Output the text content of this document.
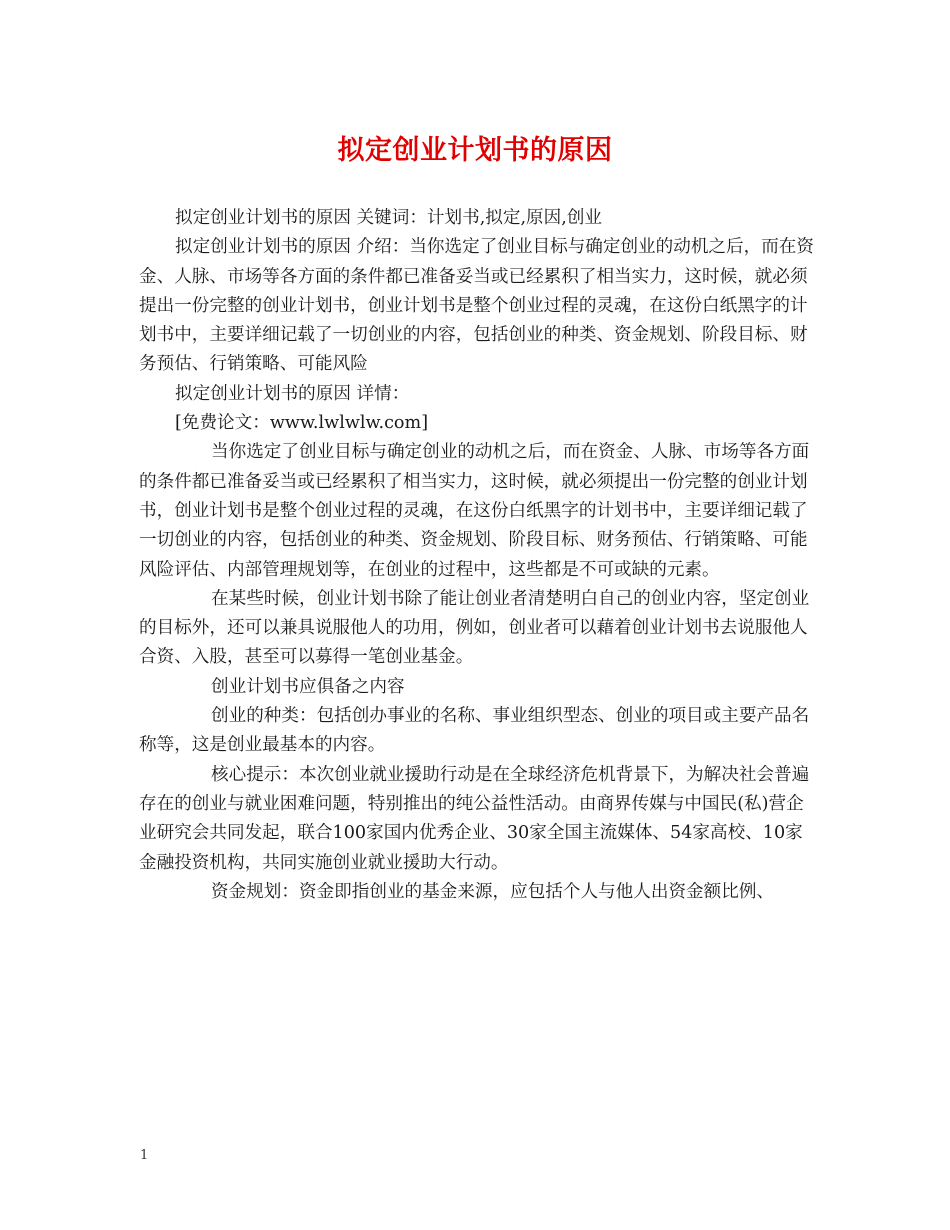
拟定创业计划书的原因

拟定创业计划书的原因 关键词：计划书,拟定,原因,创业

拟定创业计划书的原因 介绍：当你选定了创业目标与确定创业的动机之后，而在资金、人脉、市场等各方面的条件都已准备妥当或已经累积了相当实力，这时候，就必须提出一份完整的创业计划书，创业计划书是整个创业过程的灵魂，在这份白纸黑字的计划书中，主要详细记载了一切创业的内容，包括创业的种类、资金规划、阶段目标、财务预估、行销策略、可能风险

拟定创业计划书的原因 详情：

[免费论文：www.lwlwlw.com]

当你选定了创业目标与确定创业的动机之后，而在资金、人脉、市场等各方面的条件都已准备妥当或已经累积了相当实力，这时候，就必须提出一份完整的创业计划书，创业计划书是整个创业过程的灵魂，在这份白纸黑字的计划书中，主要详细记载了一切创业的内容，包括创业的种类、资金规划、阶段目标、财务预估、行销策略、可能风险评估、内部管理规划等，在创业的过程中，这些都是不可或缺的元素。

在某些时候，创业计划书除了能让创业者清楚明白自己的创业内容，坚定创业的目标外，还可以兼具说服他人的功用，例如，创业者可以藉着创业计划书去说服他人合资、入股，甚至可以募得一笔创业基金。

创业计划书应俱备之内容

创业的种类：包括创办事业的名称、事业组织型态、创业的项目或主要产品名称等，这是创业最基本的内容。

核心提示：本次创业就业援助行动是在全球经济危机背景下，为解决社会普遍存在的创业与就业困难问题，特别推出的纯公益性活动。由商界传媒与中国民(私)营企业研究会共同发起，联合100家国内优秀企业、30家全国主流媒体、54家高校、10家金融投资机构，共同实施创业就业援助大行动。

资金规划：资金即指创业的基金来源，应包括个人与他人出资金额比例、

1
